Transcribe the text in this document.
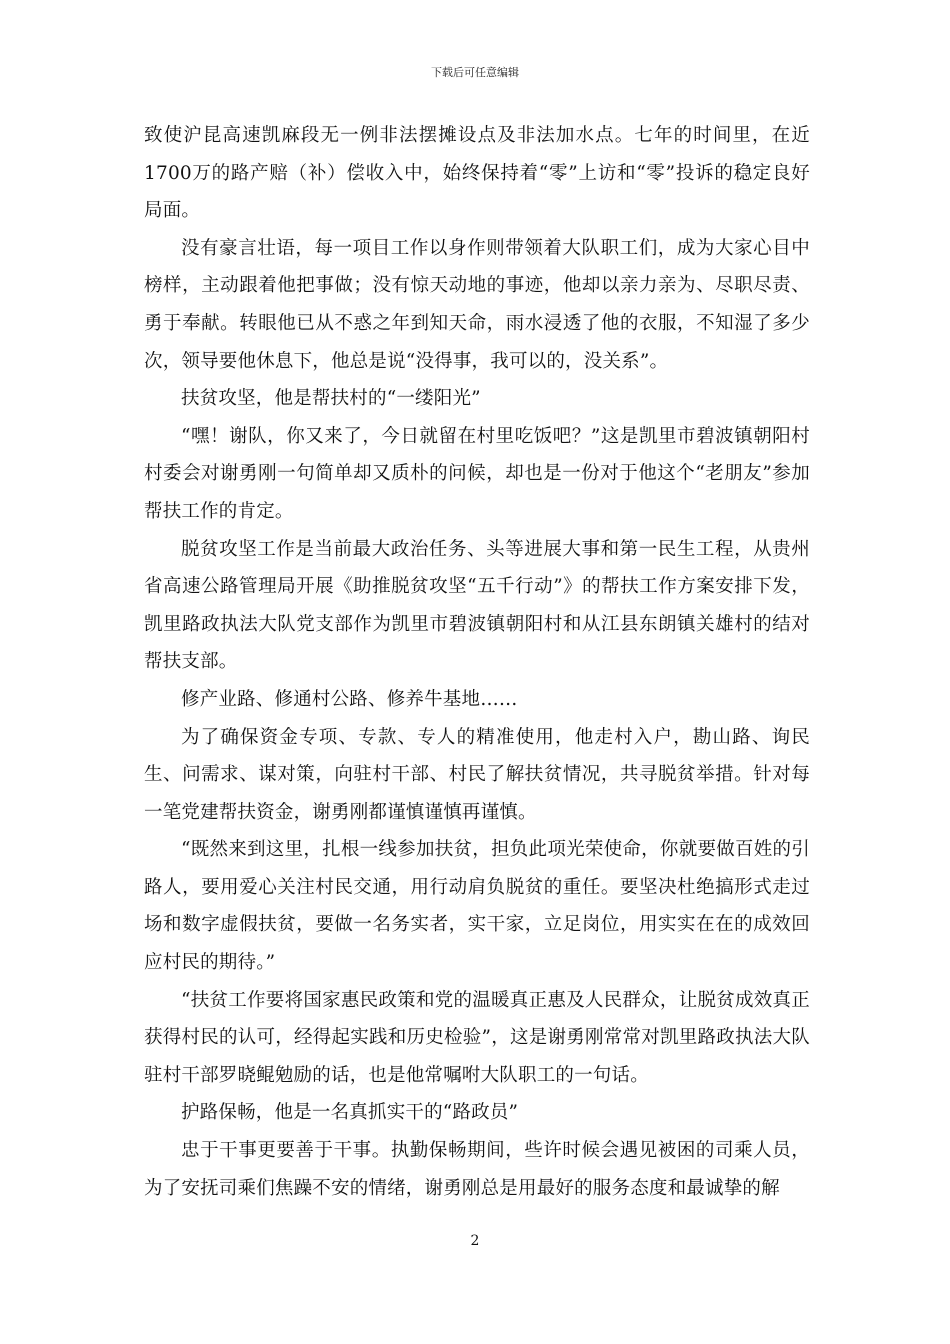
下载后可任意编辑

致使沪昆高速凯麻段无一例非法摆摊设点及非法加水点。七年的时间里，在近1700万的路产赔（补）偿收入中，始终保持着“零”上访和“零”投诉的稳定良好局面。

没有豪言壮语，每一项目工作以身作则带领着大队职工们，成为大家心目中榜样，主动跟着他把事做；没有惊天动地的事迹，他却以亲力亲为、尽职尽责、勇于奉献。转眼他已从不惑之年到知天命，雨水浸透了他的衣服，不知湿了多少次，领导要他休息下，他总是说“没得事，我可以的，没关系”。

扶贫攻坚，他是帮扶村的“一缕阳光”

“嘿！谢队，你又来了，今日就留在村里吃饭吧？”这是凯里市碧波镇朝阳村村委会对谢勇刚一句简单却又质朴的问候，却也是一份对于他这个“老朋友”参加帮扶工作的肯定。

脱贫攻坚工作是当前最大政治任务、头等进展大事和第一民生工程，从贵州省高速公路管理局开展《助推脱贫攻坚“五千行动”》的帮扶工作方案安排下发，凯里路政执法大队党支部作为凯里市碧波镇朝阳村和从江县东朗镇关雄村的结对帮扶支部。

修产业路、修通村公路、修养牛基地……

为了确保资金专项、专款、专人的精准使用，他走村入户，勘山路、询民生、问需求、谋对策，向驻村干部、村民了解扶贫情况，共寻脱贫举措。针对每一笔党建帮扶资金，谢勇刚都谨慎谨慎再谨慎。

“既然来到这里，扎根一线参加扶贫，担负此项光荣使命，你就要做百姓的引路人，要用爱心关注村民交通，用行动肩负脱贫的重任。要坚决杜绝搞形式走过场和数字虚假扶贫，要做一名务实者，实干家，立足岗位，用实实在在的成效回应村民的期待。”

“扶贫工作要将国家惠民政策和党的温暖真正惠及人民群众，让脱贫成效真正获得村民的认可，经得起实践和历史检验”，这是谢勇刚常常对凯里路政执法大队驻村干部罗晓鲲勉励的话，也是他常嘱咐大队职工的一句话。

护路保畅，他是一名真抓实干的“路政员”

忠于干事更要善于干事。执勤保畅期间，些许时候会遇见被困的司乘人员，为了安抚司乘们焦躁不安的情绪，谢勇刚总是用最好的服务态度和最诚挚的解

2
